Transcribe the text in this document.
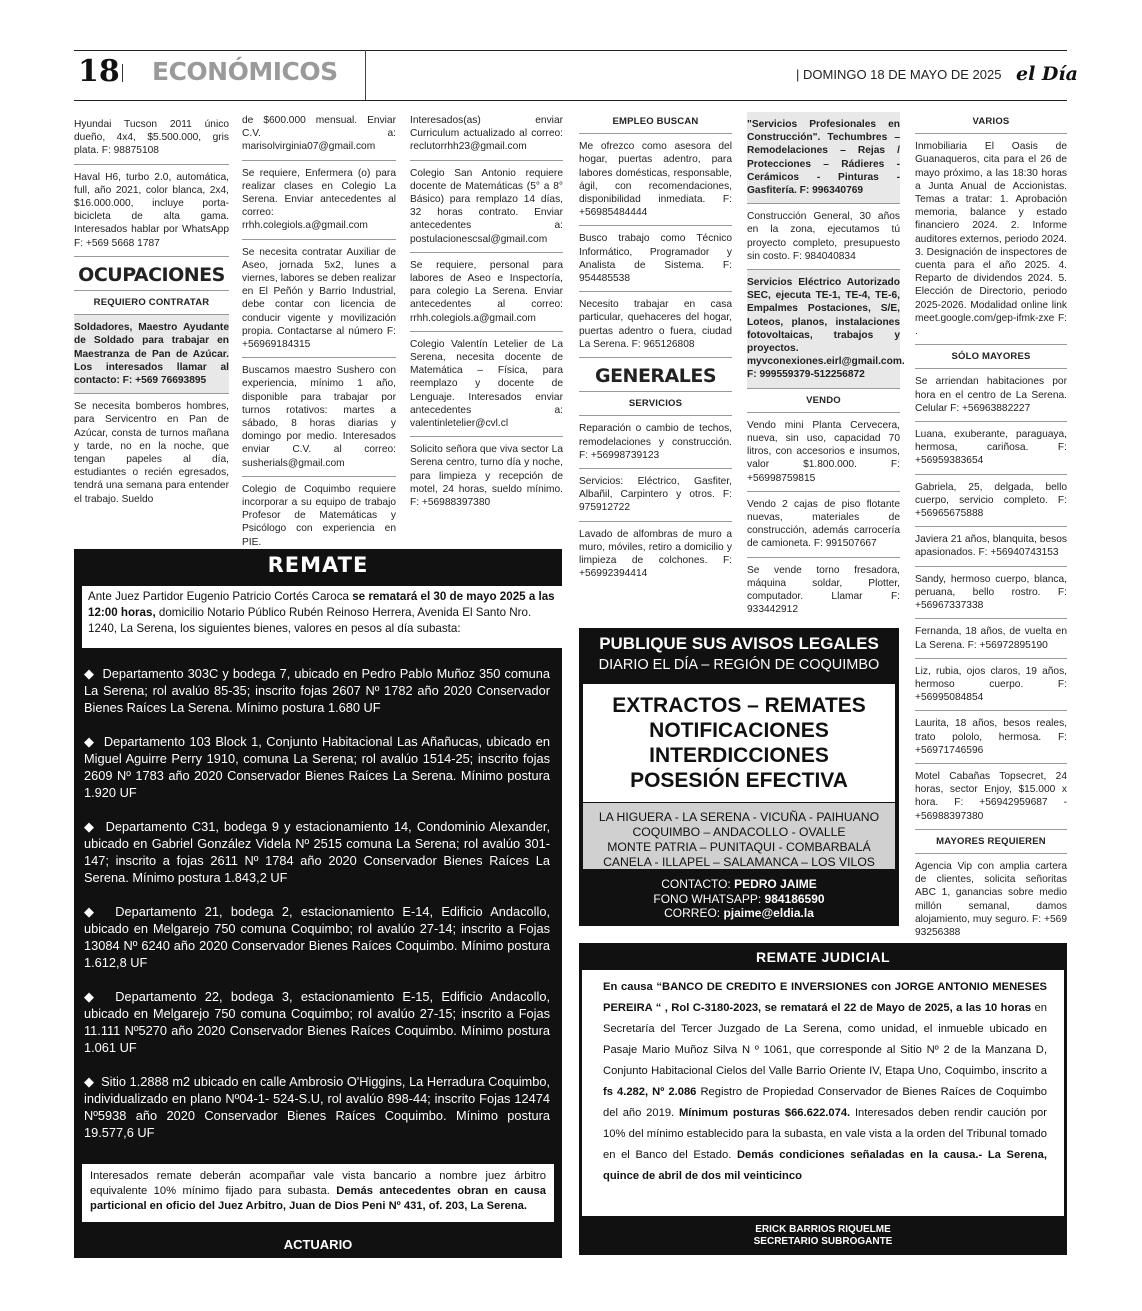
18 ECONÓMICOS
|	DOMINGO 18 DE MAYO DE 2025 el Día
Hyundai Tucson 2011 único dueño, 4x4, $5.500.000, gris plata. F: 98875108
Haval H6, turbo 2.0, automática, full, año 2021, color blanca, 2x4, $16.000.000, incluye porta-bicicleta de alta gama. Interesados hablar por WhatsApp F: +569 5668 1787
OCUPACIONES
REQUIERO CONTRATAR
Soldadores, Maestro Ayudante de Soldado para trabajar en Maestranza de Pan de Azúcar. Los interesados llamar al contacto: F: +569 76693895
Se necesita bomberos hombres, para Servicentro en Pan de Azúcar, consta de turnos mañana y tarde, no en la noche, que tengan papeles al día, estudiantes o recién egresados, tendrá una semana para entender el trabajo. Sueldo
de $600.000 mensual. Enviar C.V. a: marisolvirginia07@gmail.com
Se requiere, Enfermera (o) para realizar clases en Colegio La Serena. Enviar antecedentes al correo: rrhh.colegiols.a@gmail.com
Se necesita contratar Auxiliar de Aseo, jornada 5x2, lunes a viernes, labores se deben realizar en El Peñón y Barrio Industrial, debe contar con licencia de conducir vigente y movilización propia. Contactarse al número F: +56969184315
Buscamos maestro Sushero con experiencia, mínimo 1 año, disponible para trabajar por turnos rotativos: martes a sábado, 8 horas diarias y domingo por medio. Interesados enviar C.V. al correo: susherials@gmail.com
Colegio de Coquimbo requiere incorporar a su equipo de trabajo Profesor de Matemáticas y Psicólogo con experiencia en PIE.
Interesados(as) enviar Curriculum actualizado al correo: reclutorrhh23@gmail.com
Colegio San Antonio requiere docente de Matemáticas (5° a 8° Básico) para remplazo 14 días, 32 horas contrato. Enviar antecedentes a: postulacionescsal@gmail.com
Se requiere, personal para labores de Aseo e Inspectoría, para colegio La Serena. Enviar antecedentes al correo: rrhh.colegiols.a@gmail.com
Colegio Valentín Letelier de La Serena, necesita docente de Matemática – Física, para reemplazo y docente de Lenguaje. Interesados enviar antecedentes a: valentinletelier@cvl.cl
Solicito señora que viva sector La Serena centro, turno día y noche, para limpieza y recepción de motel, 24 horas, sueldo mínimo. F: +56988397380
EMPLEO BUSCAN
Me ofrezco como asesora del hogar, puertas adentro, para labores domésticas, responsable, ágil, con recomendaciones, disponibilidad inmediata. F: +56985484444
Busco trabajo como Técnico Informático, Programador y Analista de Sistema. F: 954485538
Necesito trabajar en casa particular, quehaceres del hogar, puertas adentro o fuera, ciudad La Serena. F: 965126808
GENERALES
SERVICIOS
Reparación o cambio de techos, remodelaciones y construcción. F: +56998739123
Servicios: Eléctrico, Gasfiter, Albañil, Carpintero y otros. F: 975912722
Lavado de alfombras de muro a muro, móviles, retiro a domicilio y limpieza de colchones. F: +56992394414
"Servicios Profesionales en Construcción". Techumbres – Remodelaciones – Rejas / Protecciones – Rádieres - Cerámicos - Pinturas - Gasfitería. F: 996340769
Construcción General, 30 años en la zona, ejecutamos tú proyecto completo, presupuesto sin costo. F: 984040834
Servicios Eléctrico Autorizado SEC, ejecuta TE-1, TE-4, TE-6, Empalmes Postaciones, S/E, Loteos, planos, instalaciones fotovoltaicas, trabajos y proyectos. myvconexiones.eirl@gmail.com. F: 999559379-512256872
VENDO
Vendo mini Planta Cervecera, nueva, sin uso, capacidad 70 litros, con accesorios e insumos, valor $1.800.000. F: +56998759815
Vendo 2 cajas de piso flotante nuevas, materiales de construcción, además carrocería de camioneta. F: 991507667
Se vende torno fresadora, máquina soldar, Plotter, computador. Llamar F: 933442912
VARIOS
Inmobiliaria El Oasis de Guanaqueros, cita para el 26 de mayo próximo, a las 18:30 horas a Junta Anual de Accionistas. Temas a tratar: 1. Aprobación memoria, balance y estado financiero 2024. 2. Informe auditores externos, periodo 2024. 3. Designación de inspectores de cuenta para el año 2025. 4. Reparto de dividendos 2024. 5. Elección de Directorio, periodo 2025-2026. Modalidad online link meet.google.com/gep-ifmk-zxe F: .
SÓLO MAYORES
Se arriendan habitaciones por hora en el centro de La Serena. Celular F: +56963882227
Luana, exuberante, paraguaya, hermosa, cariñosa. F: +56959383654
Gabriela, 25, delgada, bello cuerpo, servicio completo. F: +56965675888
Javiera 21 años, blanquita, besos apasionados. F: +56940743153
Sandy, hermoso cuerpo, blanca, peruana, bello rostro. F: +56967337338
Fernanda, 18 años, de vuelta en La Serena. F: +56972895190
Liz, rubia, ojos claros, 19 años, hermoso cuerpo. F: +56995084854
Laurita, 18 años, besos reales, trato pololo, hermosa. F: +56971746596
Motel Cabañas Topsecret, 24 horas, sector Enjoy, $15.000 x hora. F: +56942959687 - +56988397380
MAYORES REQUIEREN
Agencia Vip con amplia cartera de clientes, solicita señoritas ABC 1, ganancias sobre medio millón semanal, damos alojamiento, muy seguro. F: +569 93256388
REMATE
Ante Juez Partidor Eugenio Patricio Cortés Caroca se rematará el 30 de mayo 2025 a las 12:00 horas, domicilio Notario Público Rubén Reinoso Herrera, Avenida El Santo Nro. 1240, La Serena, los siguientes bienes, valores en pesos al día subasta:
◆  Departamento 303C y bodega 7, ubicado en Pedro Pablo Muñoz 350 comuna La Serena; rol avalúo 85-35; inscrito fojas 2607 Nº 1782 año 2020 Conservador Bienes Raíces La Serena. Mínimo postura 1.680 UF
◆  Departamento 103 Block 1, Conjunto Habitacional Las Añañucas, ubicado en Miguel Aguirre Perry 1910, comuna La Serena; rol avalúo 1514-25; inscrito fojas 2609 Nº 1783 año 2020 Conservador Bienes Raíces La Serena. Mínimo postura 1.920 UF
◆  Departamento C31, bodega 9 y estacionamiento 14, Condominio Alexander, ubicado en Gabriel González Videla Nº 2515 comuna La Serena; rol avalúo 301-147; inscrito a fojas 2611 Nº 1784 año 2020 Conservador Bienes Raíces La Serena. Mínimo postura 1.843,2 UF
◆  Departamento 21, bodega 2, estacionamiento E-14, Edificio Andacollo, ubicado en Melgarejo 750 comuna Coquimbo; rol avalúo 27-14; inscrito a Fojas 13084 Nº 6240 año 2020 Conservador Bienes Raíces Coquimbo. Mínimo postura 1.612,8 UF
◆  Departamento 22, bodega 3, estacionamiento E-15, Edificio Andacollo, ubicado en Melgarejo 750 comuna Coquimbo; rol avalúo 27-15; inscrito a Fojas 11.111 Nº5270 año 2020 Conservador Bienes Raíces Coquimbo. Mínimo postura 1.061 UF
◆  Sitio 1.2888 m2 ubicado en calle Ambrosio O'Higgins, La Herradura Coquimbo, individualizado en plano Nº04-1- 524-S.U, rol avalúo 898-44; inscrito Fojas 12474 Nº5938 año 2020 Conservador Bienes Raíces Coquimbo. Mínimo postura 19.577,6 UF
Interesados remate deberán acompañar vale vista bancario a nombre juez árbitro equivalente 10% mínimo fijado para subasta. Demás antecedentes obran en causa particional en oficio del Juez Arbitro, Juan de Dios Peni Nº 431, of. 203, La Serena.
ACTUARIO
PUBLIQUE SUS AVISOS LEGALES
DIARIO EL DÍA – REGIÓN DE COQUIMBO
EXTRACTOS – REMATES
NOTIFICACIONES
INTERDICCIONES
POSESIÓN EFECTIVA
LA HIGUERA - LA SERENA - VICUÑA - PAIHUANO
COQUIMBO – ANDACOLLO - OVALLE
MONTE PATRIA – PUNITAQUI - COMBARBALÁ
CANELA - ILLAPEL – SALAMANCA – LOS VILOS
CONTACTO: PEDRO JAIME
FONO WHATSAPP: 984186590
CORREO: pjaime@eldia.la
REMATE JUDICIAL
En causa “BANCO DE CREDITO E INVERSIONES con JORGE ANTONIO MENESES PEREIRA “ , Rol C-3180-2023, se rematará el 22 de Mayo de 2025, a las 10 horas en Secretaría del Tercer Juzgado de La Serena, como unidad, el inmueble ubicado en Pasaje Mario Muñoz Silva N º 1061, que corresponde al Sitio Nº 2 de la Manzana D, Conjunto Habitacional Cielos del Valle Barrio Oriente IV, Etapa Uno, Coquimbo, inscrito a fs 4.282, Nº 2.086 Registro de Propiedad Conservador de Bienes Raíces de Coquimbo del año 2019. Mínimum posturas $66.622.074. Interesados deben rendir caución por 10% del mínimo establecido para la subasta, en vale vista a la orden del Tribunal tomado en el Banco del Estado. Demás condiciones señaladas en la causa.- La Serena, quince de abril de dos mil veinticinco
ERICK BARRIOS RIQUELME
SECRETARIO SUBROGANTE
